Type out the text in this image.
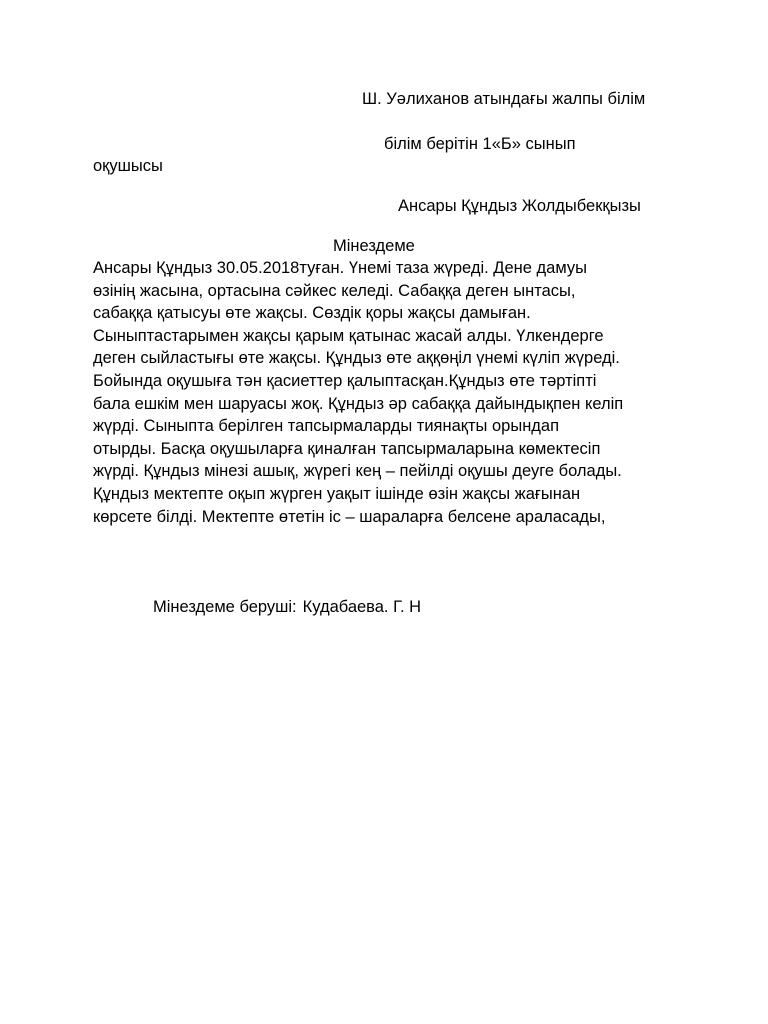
Ш. Уәлиханов атындағы жалпы білім
білім берітін 1«Б» сынып
оқушысы
Ансары Құндыз Жолдыбекқызы
Мінездеме
Ансары Құндыз 30.05.2018туған. Үнемі таза жүреді. Дене дамуы
өзінің жасына, ортасына сәйкес келеді. Сабаққа деген ынтасы,
сабаққа қатысуы өте жақсы. Сөздік қоры жақсы дамыған.
Сыныптастарымен жақсы қарым қатынас жасай алды. Үлкендерге
деген сыйластығы өте жақсы. Құндыз өте аққөңіл үнемі күліп жүреді.
Бойында оқушыға тән қасиеттер қалыптасқан.Құндыз өте тәртіпті
бала ешкім мен шаруасы жоқ. Құндыз әр сабаққа дайындықпен келіп
жүрді. Сыныпта берілген тапсырмаларды тиянақты орындап
отырды. Басқа оқушыларға қиналған тапсырмаларына көмектесіп
жүрді. Құндыз мінезі ашық, жүрегі кең – пейілді оқушы деуге болады.
Құндыз мектепте оқып жүрген уақыт ішінде өзін жақсы жағынан
көрсете білді. Мектепте өтетін іс – шараларға белсене араласады,
Мінездеме беруші: Кудабаева. Г. Н
